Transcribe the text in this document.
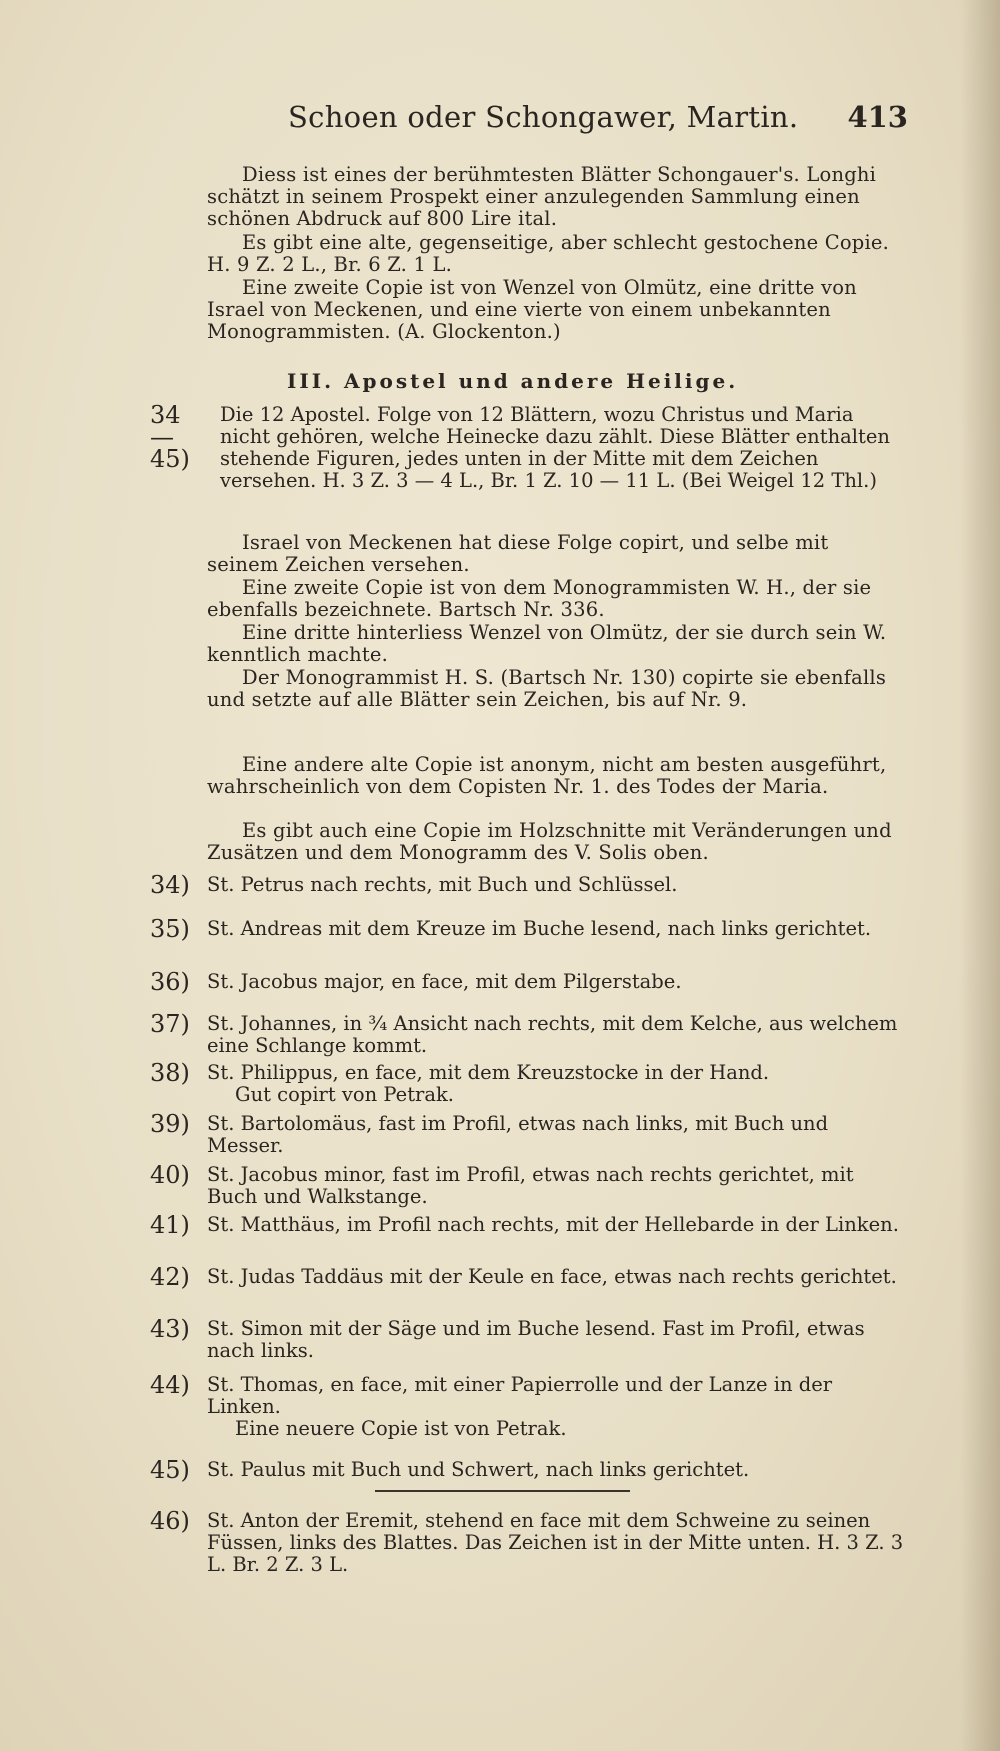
Schoen oder Schongawer, Martin. 413
Diess ist eines der berühmtesten Blätter Schongauer's. Longhi schätzt in seinem Prospekt einer anzulegenden Sammlung einen schönen Abdruck auf 800 Lire ital.
Es gibt eine alte, gegenseitige, aber schlecht gestochene Copie. H. 9 Z. 2 L., Br. 6 Z. 1 L.
Eine zweite Copie ist von Wenzel von Olmütz, eine dritte von Israel von Meckenen, und eine vierte von einem unbekannten Monogrammisten. (A. Glockenton.)
III. Apostel und andere Heilige.
34 — 45)
Die 12 Apostel. Folge von 12 Blättern, wozu Christus und Maria nicht gehören, welche Heinecke dazu zählt. Diese Blätter enthalten stehende Figuren, jedes unten in der Mitte mit dem Zeichen versehen. H. 3 Z. 3 — 4 L., Br. 1 Z. 10 — 11 L. (Bei Weigel 12 Thl.)
Israel von Meckenen hat diese Folge copirt, und selbe mit seinem Zeichen versehen.
Eine zweite Copie ist von dem Monogrammisten W. H., der sie ebenfalls bezeichnete. Bartsch Nr. 336.
Eine dritte hinterliess Wenzel von Olmütz, der sie durch sein W. kenntlich machte.
Der Monogrammist H. S. (Bartsch Nr. 130) copirte sie ebenfalls und setzte auf alle Blätter sein Zeichen, bis auf Nr. 9.
Eine andere alte Copie ist anonym, nicht am besten ausgeführt, wahrscheinlich von dem Copisten Nr. 1. des Todes der Maria.
Es gibt auch eine Copie im Holzschnitte mit Veränderungen und Zusätzen und dem Monogramm des V. Solis oben.
34) St. Petrus nach rechts, mit Buch und Schlüssel.
35) St. Andreas mit dem Kreuze im Buche lesend, nach links gerichtet.
36) St. Jacobus major, en face, mit dem Pilgerstabe.
37) St. Johannes, in ¾ Ansicht nach rechts, mit dem Kelche, aus welchem eine Schlange kommt.
38) St. Philippus, en face, mit dem Kreuzstocke in der Hand.
Gut copirt von Petrak.
39) St. Bartolomäus, fast im Profil, etwas nach links, mit Buch und Messer.
40) St. Jacobus minor, fast im Profil, etwas nach rechts gerichtet, mit Buch und Walkstange.
41) St. Matthäus, im Profil nach rechts, mit der Hellebarde in der Linken.
42) St. Judas Taddäus mit der Keule en face, etwas nach rechts gerichtet.
43) St. Simon mit der Säge und im Buche lesend. Fast im Profil, etwas nach links.
44) St. Thomas, en face, mit einer Papierrolle und der Lanze in der Linken.
Eine neuere Copie ist von Petrak.
45) St. Paulus mit Buch und Schwert, nach links gerichtet.
46) St. Anton der Eremit, stehend en face mit dem Schweine zu seinen Füssen, links des Blattes. Das Zeichen ist in der Mitte unten. H. 3 Z. 3 L. Br. 2 Z. 3 L.
